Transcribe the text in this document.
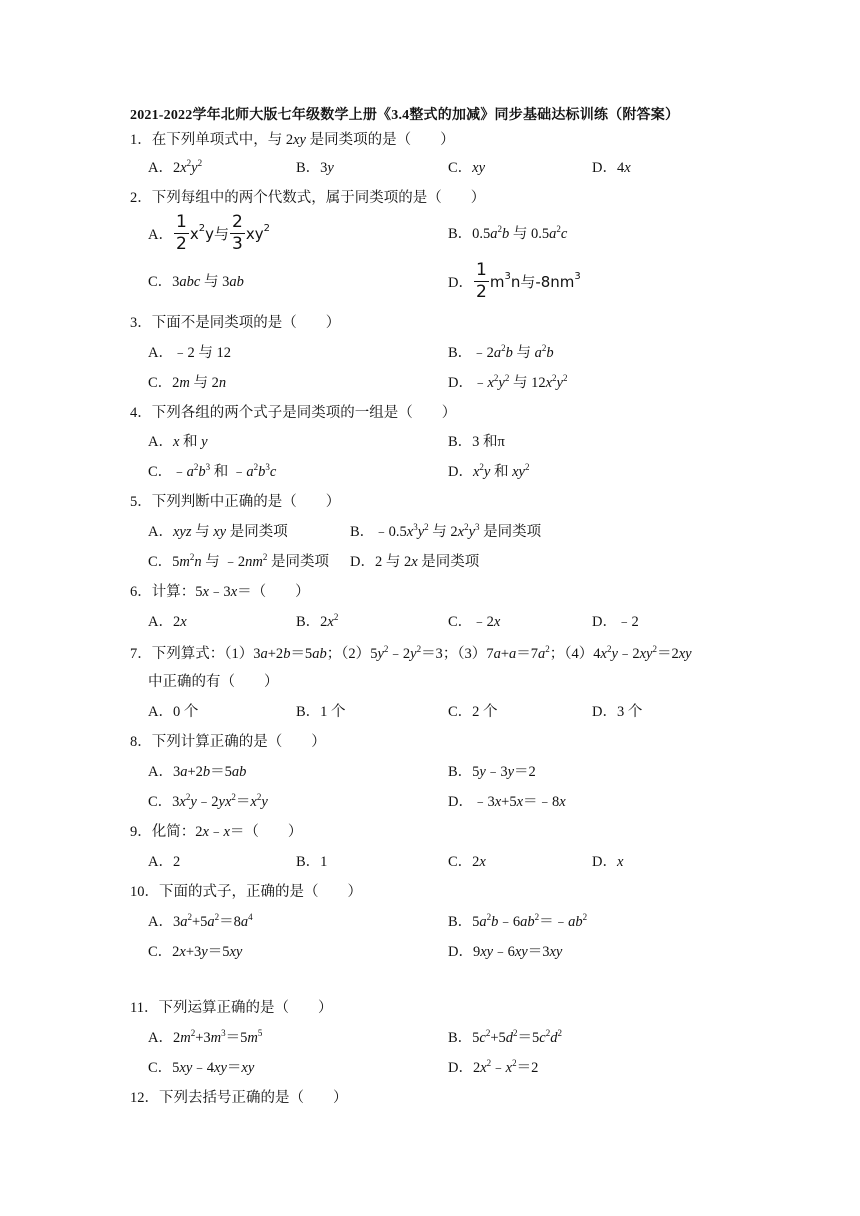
2021-2022学年北师大版七年级数学上册《3.4整式的加减》同步基础达标训练（附答案）
1．在下列单项式中，与 2xy 是同类项的是（　　）
A．$2x^2y^2$	B．3y	C．xy	D．4x
2．下列每组中的两个代数式，属于同类项的是（　　）
A． $\frac{1}{2} x^2y$与 $\frac{2}{3} xy^2$	B．$0.5a^2b$ 与 $0.5a^2c$
C．3abc 与 3ab	D． $\frac{1}{2} m^3n$与$-8nm^3$
3．下面不是同类项的是（　　）
A．﹣2 与 12	B．$﹣2a^2b$ 与 $a^2b$
C．2m 与 2n	D．$﹣x^2y^2$ 与 $12x^2y^2$
4．下列各组的两个式子是同类项的一组是（　　）
A．x 和 y	B．3 和π
C．$﹣a^2b^3$ 和 $﹣a^2b^3c$	D．$x^2y$ 和 $xy^2$
5．下列判断中正确的是（　　）
A．xyz 与 xy 是同类项	B．$﹣0.5x^3y^2$ 与 $2x^2y^3$ 是同类项
C．$5m^2n$ 与 $﹣2nm^2$ 是同类项 D．2 与 2x 是同类项
6．计算：5x﹣3x＝（　　）
A．2x	B．$2x^2$	C．﹣2x	D．﹣2
7．下列算式：（1）3a+2b＝5ab；$(2)5y^2﹣2y^2=3$；$(3)7a+a=7a^2$；$(4)4x^2y﹣2xy^2=2xy$
中正确的有（　　）
A．0 个	B．1 个	C．2 个	D．3 个
8．下列计算正确的是（　　）
A．3a+2b＝5ab	B．5y﹣3y＝2
C．$3x^2y﹣2yx^2=x^2y$	D．﹣3x+5x＝﹣8x
9．化简：2x﹣x＝（　　）
A．2	B．1	C．2x	D．x
10．下面的式子，正确的是（　　）
A．$3a^2+5a^2=8a^4$	B．$5a^2b﹣6ab^2=﹣ab^2$
C．2x+3y＝5xy	D．9xy﹣6xy＝3xy
11．下列运算正确的是（　　）
A．$2m^2+3m^3=5m^5$	B．$5c^2+5d^2=5c^2d^2$
C．5xy﹣4xy＝xy	D．$2x^2﹣x^2=2$
12．下列去括号正确的是（　　）
